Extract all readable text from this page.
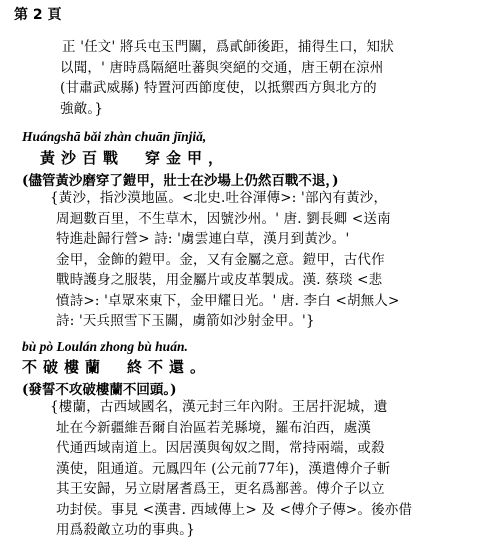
第 2 頁
正 '任文' 將兵屯玉門關，爲貳師後距，捕得生口，知狀
以聞，' 唐時爲隔絕吐蕃與突絕的交通，唐王朝在涼州
(甘肅武威縣) 特置河西節度使，以抵禦西方與北方的
強敵。}
Huángshā bǎi zhàn chuān jīnjiǎ,
黃沙百戰　穿金甲，
(儘管黃沙磨穿了鎧甲，壯士在沙場上仍然百戰不退，)
{黃沙，指沙漠地區。<北史.吐谷渾傳>: '部內有黃沙，
周迴數百里，不生草木，因號沙州。' 唐. 劉長卿 <送南
特進赴歸行營> 詩: '虜雲連白草，漢月到黃沙。'
金甲，金飾的鎧甲。金，又有金屬之意。鎧甲，古代作
戰時護身之服裝，用金屬片或皮革製成。漢. 蔡琰 <悲
憤詩>: '卓眾來東下，金甲耀日光。' 唐. 李白 <胡無人>
詩: '天兵照雪下玉關，虜箭如沙射金甲。'}
bù pò Loulán zhong bù huán.
不破樓蘭　終不還。
(發誓不攻破樓蘭不回頭。)
{樓蘭，古西域國名，漢元封三年內附。王居扞泥城，遺
址在今新疆維吾爾自治區若羌縣境，羅布泊西，處漢
代通西域南道上。因居漢與匈奴之間，常持兩端，或殺
漢使，阻通道。元鳳四年 (公元前77年)，漢遣傅介子斬
其王安歸，另立尉屠耆爲王，更名爲鄯善。傅介子以立
功封侯。事見 <漢書. 西域傳上> 及 <傅介子傳>。後亦借
用爲殺敵立功的事典。}
